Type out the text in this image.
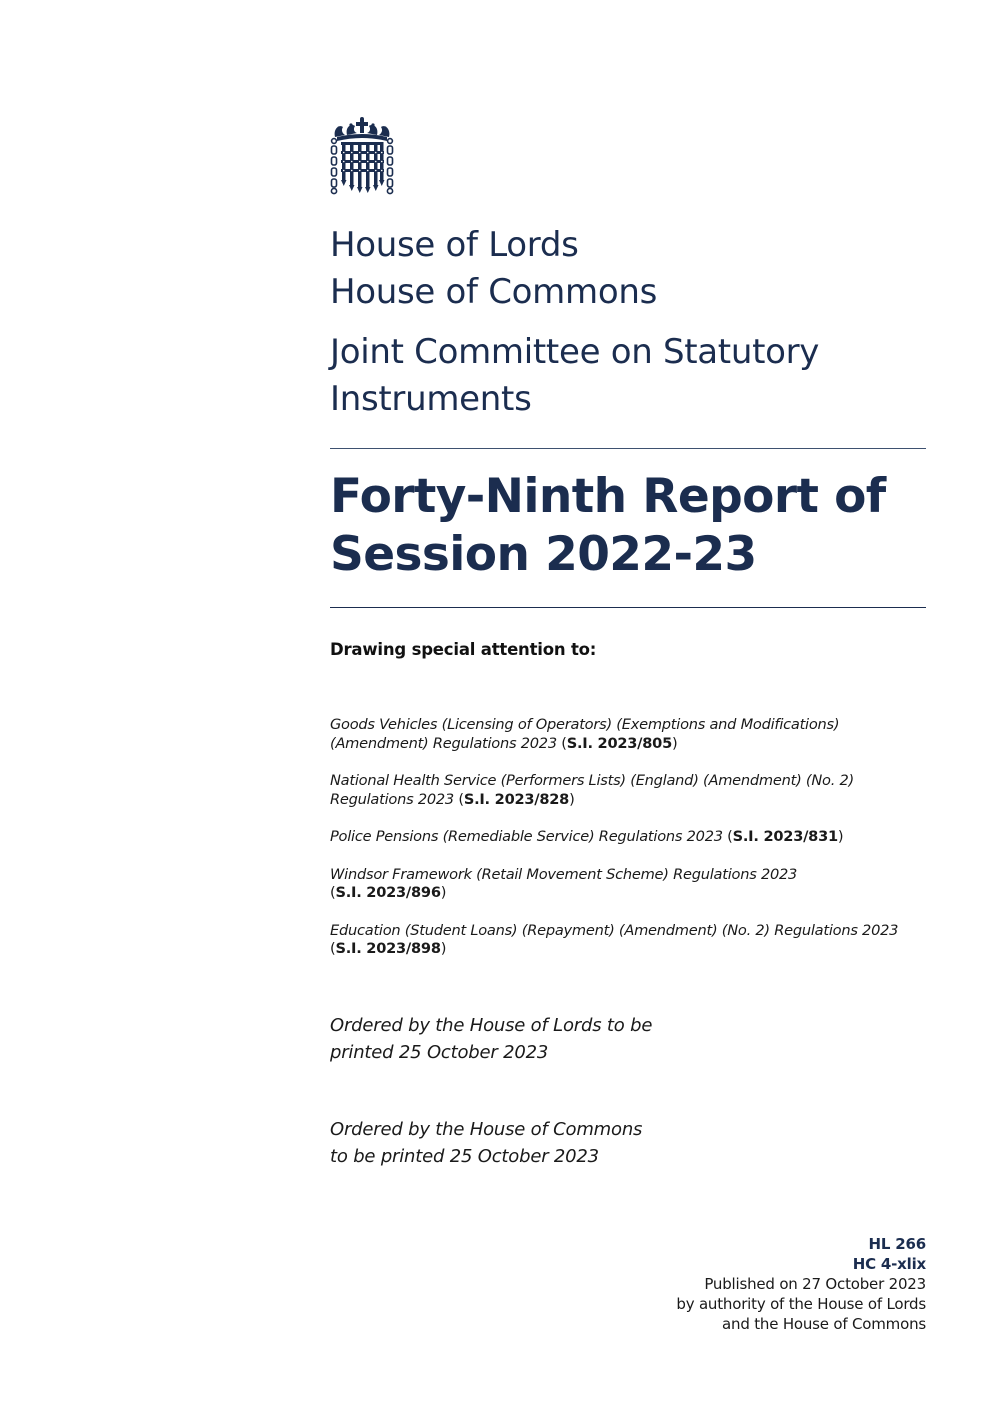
House of Lords
House of Commons
Joint Committee on Statutory
Instruments
Forty-Ninth Report of
Session 2022-23
Drawing special attention to:
Goods Vehicles (Licensing of Operators) (Exemptions and Modifications) (Amendment) Regulations 2023 (S.I. 2023/805)
National Health Service (Performers Lists) (England) (Amendment) (No. 2) Regulations 2023 (S.I. 2023/828)
Police Pensions (Remediable Service) Regulations 2023 (S.I. 2023/831)
Windsor Framework (Retail Movement Scheme) Regulations 2023
(S.I. 2023/896)
Education (Student Loans) (Repayment) (Amendment) (No. 2) Regulations 2023 (S.I. 2023/898)
Ordered by the House of Lords to be
printed 25 October 2023
Ordered by the House of Commons
to be printed 25 October 2023
HL 266
HC 4-xlix
Published on 27 October 2023
by authority of the House of Lords
and the House of Commons
